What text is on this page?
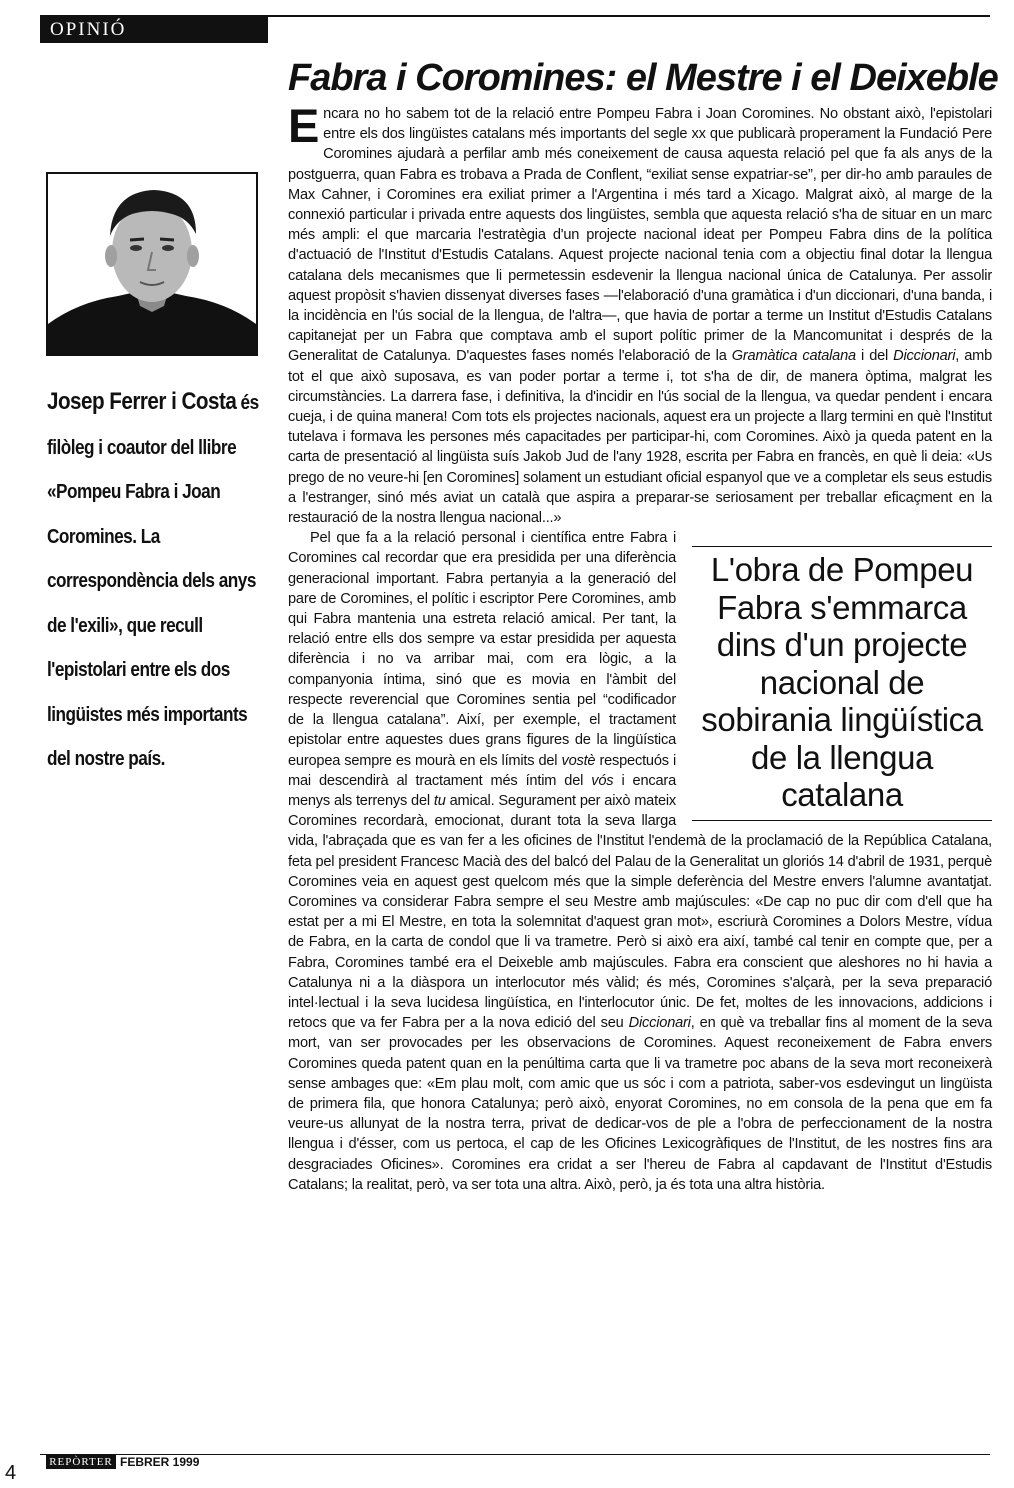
OPINIÓ
Fabra i Coromines: el Mestre i el Deixeble
Josep Ferrer i Costa és filòleg i coautor del llibre «Pompeu Fabra i Joan Coromines. La correspondència dels anys de l'exili», que recull l'epistolari entre els dos lingüistes més importants del nostre país.

Encara no ho sabem tot de la relació entre Pompeu Fabra i Joan Coromines. No obstant això, l'epistolari entre els dos lingüistes catalans més importants del segle xx que publicarà properament la Fundació Pere Coromines ajudarà a perfilar amb més coneixement de causa aquesta relació pel que fa als anys de la postguerra, quan Fabra es trobava a Prada de Conflent, “exiliat sense expatriar-se”, per dir-ho amb paraules de Max Cahner, i Coromines era exiliat primer a l'Argentina i més tard a Xicago. Malgrat això, al marge de la connexió particular i privada entre aquests dos lingüistes, sembla que aquesta relació s'ha de situar en un marc més ampli: el que marcaria l'estratègia d'un projecte nacional ideat per Pompeu Fabra dins de la política d'actuació de l'Institut d'Estudis Catalans. Aquest projecte nacional tenia com a objectiu final dotar la llengua catalana dels mecanismes que li permetessin esdevenir la llengua nacional única de Catalunya. Per assolir aquest propòsit s'havien dissenyat diverses fases —l'elaboració d'una gramàtica i d'un diccionari, d'una banda, i la incidència en l'ús social de la llengua, de l'altra—, que havia de portar a terme un Institut d'Estudis Catalans capitanejat per un Fabra que comptava amb el suport polític primer de la Mancomunitat i després de la Generalitat de Catalunya. D'aquestes fases només l'elaboració de la Gramàtica catalana i del Diccionari, amb tot el que això suposava, es van poder portar a terme i, tot s'ha de dir, de manera òptima, malgrat les circumstàncies. La darrera fase, i definitiva, la d'incidir en l'ús social de la llengua, va quedar pendent i encara cueja, i de quina manera! Com tots els projectes nacionals, aquest era un projecte a llarg termini en què l'Institut tutelava i formava les persones més capacitades per participar-hi, com Coromines. Això ja queda patent en la carta de presentació al lingüista suís Jakob Jud de l'any 1928, escrita per Fabra en francès, en què li deia: «Us prego de no veure-hi [en Coromines] solament un estudiant oficial espanyol que ve a completar els seus estudis a l'estranger, sinó més aviat un català que aspira a preparar-se seriosament per treballar eficaçment en la restauració de la nostra llengua nacional...»

L'obra de Pompeu Fabra s'emmarca dins d'un projecte nacional de sobirania lingüística de la llengua catalana

Pel que fa a la relació personal i científica entre Fabra i Coromines cal recordar que era presidida per una diferència generacional important. Fabra pertanyia a la generació del pare de Coromines, el polític i escriptor Pere Coromines, amb qui Fabra mantenia una estreta relació amical. Per tant, la relació entre ells dos sempre va estar presidida per aquesta diferència i no va arribar mai, com era lògic, a la companyonia íntima, sinó que es movia en l'àmbit del respecte reverencial que Coromines sentia pel “codificador de la llengua catalana”. Així, per exemple, el tractament epistolar entre aquestes dues grans figures de la lingüística europea sempre es mourà en els límits del vostè respectuós i mai descendirà al tractament més íntim del vós i encara menys als terrenys del tu amical. Segurament per això mateix Coromines recordarà, emocionat, durant tota la seva llarga vida, l'abraçada que es van fer a les oficines de l'Institut l'endemà de la proclamació de la República Catalana, feta pel president Francesc Macià des del balcó del Palau de la Generalitat un gloriós 14 d'abril de 1931, perquè Coromines veia en aquest gest quelcom més que la simple deferència del Mestre envers l'alumne avantatjat. Coromines va considerar Fabra sempre el seu Mestre amb majúscules: «De cap no puc dir com d'ell que ha estat per a mi El Mestre, en tota la solemnitat d'aquest gran mot», escriurà Coromines a Dolors Mestre, vídua de Fabra, en la carta de condol que li va trametre. Però si això era així, també cal tenir en compte que, per a Fabra, Coromines també era el Deixeble amb majúscules. Fabra era conscient que aleshores no hi havia a Catalunya ni a la diàspora un interlocutor més vàlid; és més, Coromines s'alçarà, per la seva preparació intel·lectual i la seva lucidesa lingüística, en l'interlocutor únic. De fet, moltes de les innovacions, addicions i retocs que va fer Fabra per a la nova edició del seu Diccionari, en què va treballar fins al moment de la seva mort, van ser provocades per les observacions de Coromines. Aquest reconeixement de Fabra envers Coromines queda patent quan en la penúltima carta que li va trametre poc abans de la seva mort reconeixerà sense ambages que: «Em plau molt, com amic que us sóc i com a patriota, saber-vos esdevingut un lingüista de primera fila, que honora Catalunya; però això, enyorat Coromines, no em consola de la pena que em fa veure-us allunyat de la nostra terra, privat de dedicar-vos de ple a l'obra de perfeccionament de la nostra llengua i d'ésser, com us pertoca, el cap de les Oficines Lexicogràfiques de l'Institut, de les nostres fins ara desgraciades Oficines». Coromines era cridat a ser l'hereu de Fabra al capdavant de l'Institut d'Estudis Catalans; la realitat, però, va ser tota una altra. Això, però, ja és tota una altra història.

REPÒRTER FEBRER 1999
4
